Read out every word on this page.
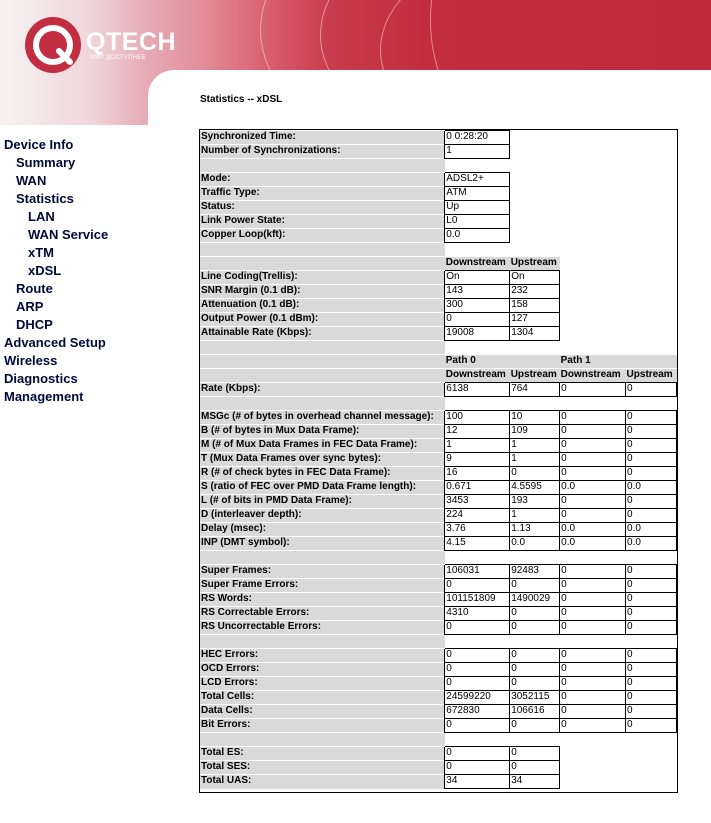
QTECH
МИР ДОСТУПНЕЕ
Device Info
Summary
WAN
Statistics
LAN
WAN Service
xTM
xDSL
Route
ARP
DHCP
Advanced Setup
Wireless
Diagnostics
Management
Statistics -- xDSL
Synchronized Time:	0 0:28:20			
Number of Synchronizations:	1			

Mode:	ADSL2+			
Traffic Type:	ATM			
Status:	Up			
Link Power State:	L0			
Copper Loop(kft):	0.0			

	Downstream	Upstream		
Line Coding(Trellis):	On	On		
SNR Margin (0.1 dB):	143	232		
Attenuation (0.1 dB):	300	158		
Output Power (0.1 dBm):	0	127		
Attainable Rate (Kbps):	19008	1304		

	Path 0		Path 1	
	Downstream	Upstream	Downstream	Upstream
Rate (Kbps):	6138	764	0	0

MSGc (# of bytes in overhead channel message):	100	10	0	0
B (# of bytes in Mux Data Frame):	12	109	0	0
M (# of Mux Data Frames in FEC Data Frame):	1	1	0	0
T (Mux Data Frames over sync bytes):	9	1	0	0
R (# of check bytes in FEC Data Frame):	16	0	0	0
S (ratio of FEC over PMD Data Frame length):	0.671	4.5595	0.0	0.0
L (# of bits in PMD Data Frame):	3453	193	0	0
D (interleaver depth):	224	1	0	0
Delay (msec):	3.76	1.13	0.0	0.0
INP (DMT symbol):	4.15	0.0	0.0	0.0

Super Frames:	106031	92483	0	0
Super Frame Errors:	0	0	0	0
RS Words:	101151809	1490029	0	0
RS Correctable Errors:	4310	0	0	0
RS Uncorrectable Errors:	0	0	0	0

HEC Errors:	0	0	0	0
OCD Errors:	0	0	0	0
LCD Errors:	0	0	0	0
Total Cells:	24599220	3052115	0	0
Data Cells:	672830	106616	0	0
Bit Errors:	0	0	0	0

Total ES:	0	0		
Total SES:	0	0		
Total UAS:	34	34		
